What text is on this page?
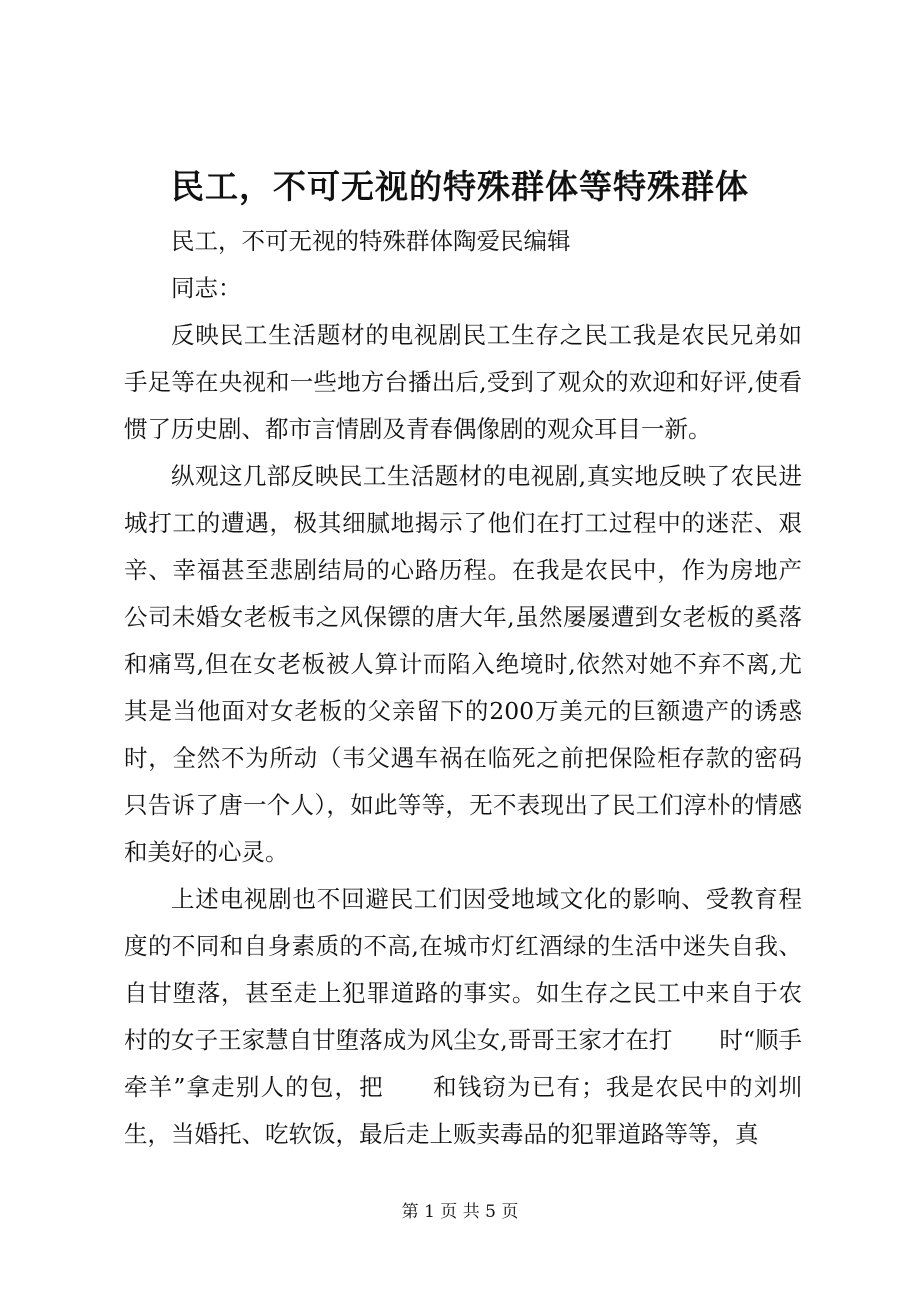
民工，不可无视的特殊群体等特殊群体

民工，不可无视的特殊群体陶爱民编辑

同志：

反映民工生活题材的电视剧民工生存之民工我是农民兄弟如手足等在央视和一些地方台播出后,受到了观众的欢迎和好评,使看惯了历史剧、都市言情剧及青春偶像剧的观众耳目一新。

纵观这几部反映民工生活题材的电视剧,真实地反映了农民进城打工的遭遇，极其细腻地揭示了他们在打工过程中的迷茫、艰辛、幸福甚至悲剧结局的心路历程。在我是农民中，作为房地产公司未婚女老板韦之风保镖的唐大年,虽然屡屡遭到女老板的奚落和痛骂,但在女老板被人算计而陷入绝境时,依然对她不弃不离,尤其是当他面对女老板的父亲留下的200万美元的巨额遗产的诱惑时，全然不为所动（韦父遇车祸在临死之前把保险柜存款的密码只告诉了唐一个人），如此等等，无不表现出了民工们淳朴的情感和美好的心灵。

上述电视剧也不回避民工们因受地域文化的影响、受教育程度的不同和自身素质的不高,在城市灯红酒绿的生活中迷失自我、自甘堕落，甚至走上犯罪道路的事实。如生存之民工中来自于农村的女子王家慧自甘堕落成为风尘女,哥哥王家才在打　　时“顺手牵羊”拿走别人的包，把　　和钱窃为已有；我是农民中的刘圳生，当婚托、吃软饭，最后走上贩卖毒品的犯罪道路等等，真

第 1 页 共 5 页
